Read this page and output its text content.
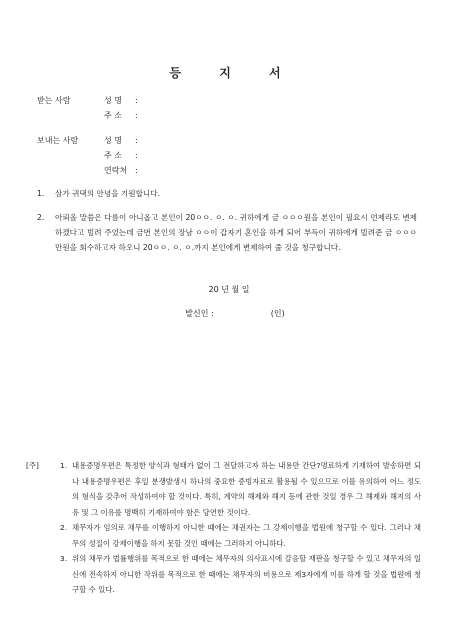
등 지 서
받는 사람	성 명 :
주 소 :
보내는 사람	성 명 :
주 소 :
연락처 :
1. 삼가 귀댁의 안녕을 기원합니다.
2. 아뢰올 말씀은 다름이 아니옵고 본인이 20ㅇㅇ. ㅇ. ㅇ. 귀하에게 금 ㅇㅇㅇ원을 본인이 필요시 언제라도 변제하겠다고 빌려 주었는데 금번 본인의 장남 ㅇㅇ이 갑자기 혼인을 하게 되어 부득이 귀하에게 빌려준 금 ㅇㅇㅇ만원을 회수하고자 하오니 20ㅇㅇ. ㅇ. ㅇ.까지 본인에게 변제하여 줄 것을 청구합니다.
20 년 월 일
발신인 :	(인)
[주]	1. 내용증명우편은 특정한 양식과 형태가 없이 그 전달하고자 하는 내용만 간단?명료하게 기재하여 발송하면 되나 내용증명우편은 후일 분쟁발생시 하나의 중요한 증빙자료로 활용될 수 있으므로 이를 유의하여 어느 정도의 형식을 갖추어 작성하여야 할 것이다. 특히, 계약의 해제와 해지 등에 관한 것일 경우 그 해제와 해지의 사유 및 그 이유를 명백히 기재하여야 함은 당연한 것이다.
2. 채무자가 임의로 채무를 이행하지 아니한 때에는 채권자는 그 강제이행을 법원에 청구할 수 있다. 그러나 채무의 성질이 강제이행을 하지 못할 것인 때에는 그러하지 아니하다.
3. 위의 채무가 법률행위를 목적으로 한 때에는 채무자의 의사표시에 갈음할 재판을 청구할 수 있고 채무자의 일신에 전속하지 아니한 작위를 목적으로 한 때에는 채무자의 비용으로 제3자에게 이를 하게 할 것을 법원에 청구할 수 있다.
